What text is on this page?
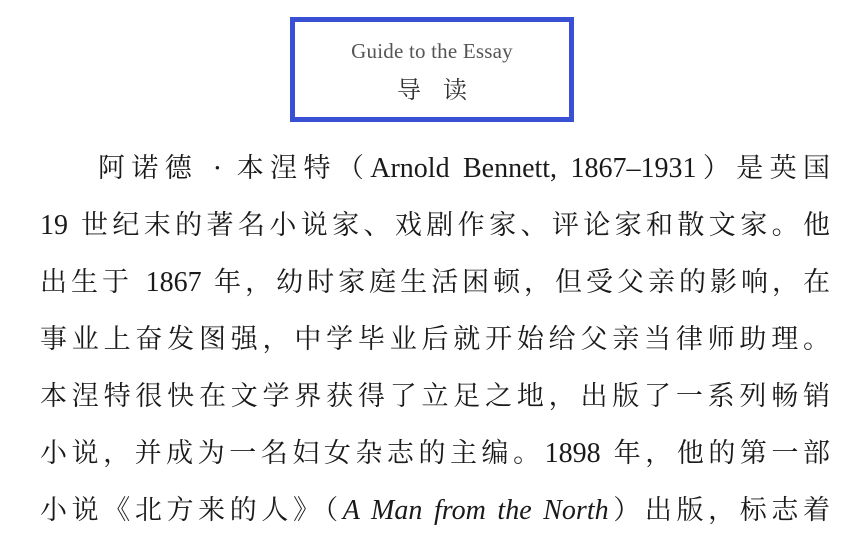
Guide to the Essay
导读
阿诺德 · 本涅特（Arnold Bennett, 1867–1931）是英国
19 世纪末的著名小说家、戏剧作家、评论家和散文家。他
出生于 1867 年，幼时家庭生活困顿，但受父亲的影响，在
事业上奋发图强，中学毕业后就开始给父亲当律师助理。
本涅特很快在文学界获得了立足之地，出版了一系列畅销
小说，并成为一名妇女杂志的主编。1898 年，他的第一部
小说《北方来的人》（A Man from the North）出版，标志着
